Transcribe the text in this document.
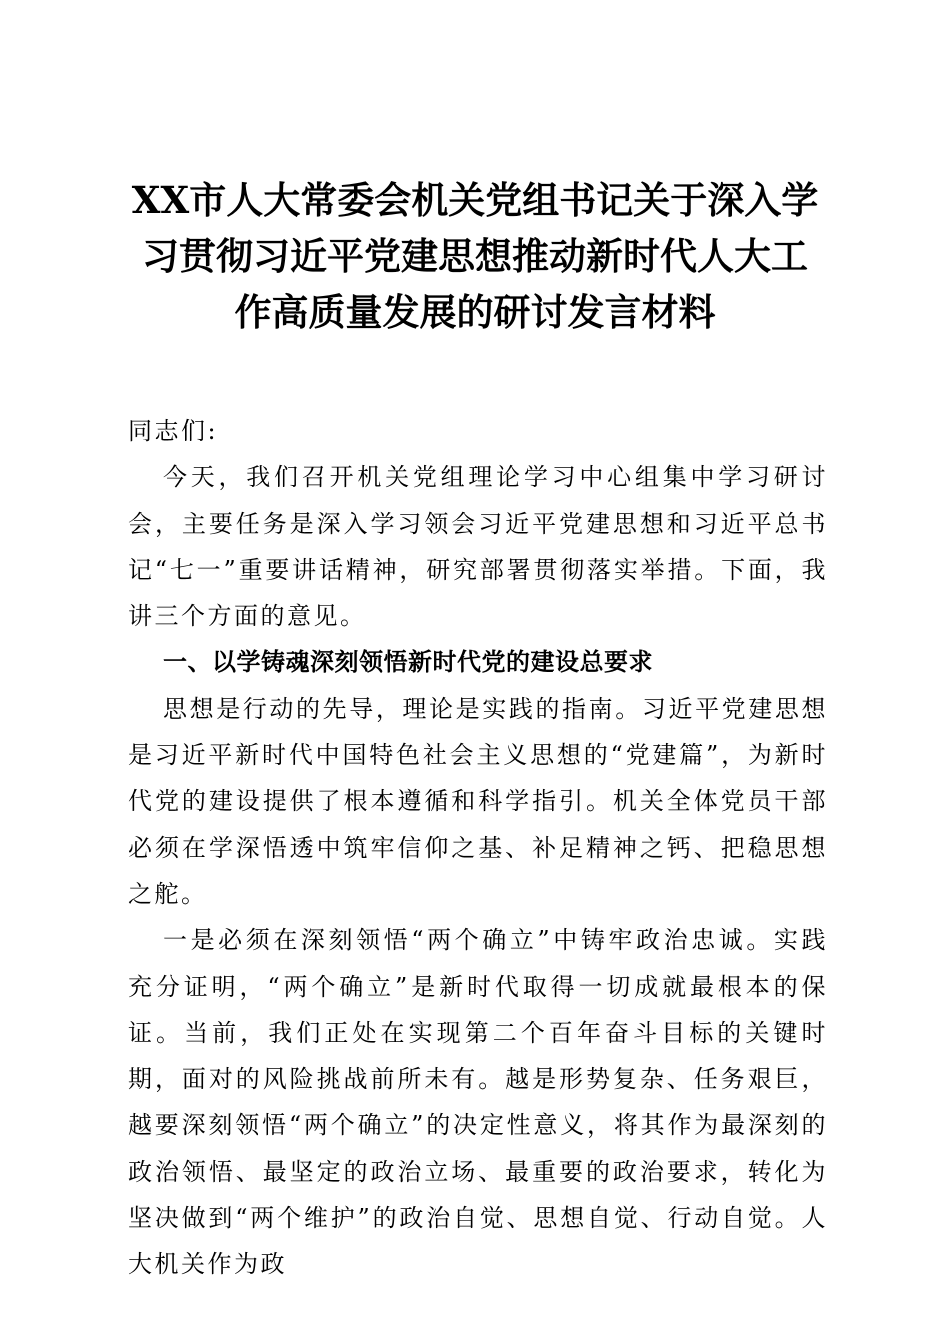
XX市人大常委会机关党组书记关于深入学习贯彻习近平党建思想推动新时代人大工作高质量发展的研讨发言材料

同志们:

今天，我们召开机关党组理论学习中心组集中学习研讨会，主要任务是深入学习领会习近平党建思想和习近平总书记“七一”重要讲话精神，研究部署贯彻落实举措。下面，我讲三个方面的意见。

一、以学铸魂深刻领悟新时代党的建设总要求

思想是行动的先导，理论是实践的指南。习近平党建思想是习近平新时代中国特色社会主义思想的“党建篇”，为新时代党的建设提供了根本遵循和科学指引。机关全体党员干部必须在学深悟透中筑牢信仰之基、补足精神之钙、把稳思想之舵。

一是必须在深刻领悟“两个确立”中铸牢政治忠诚。实践充分证明，“两个确立”是新时代取得一切成就最根本的保证。当前，我们正处在实现第二个百年奋斗目标的关键时期，面对的风险挑战前所未有。越是形势复杂、任务艰巨，越要深刻领悟“两个确立”的决定性意义，将其作为最深刻的政治领悟、最坚定的政治立场、最重要的政治要求，转化为坚决做到“两个维护”的政治自觉、思想自觉、行动自觉。人大机关作为政
